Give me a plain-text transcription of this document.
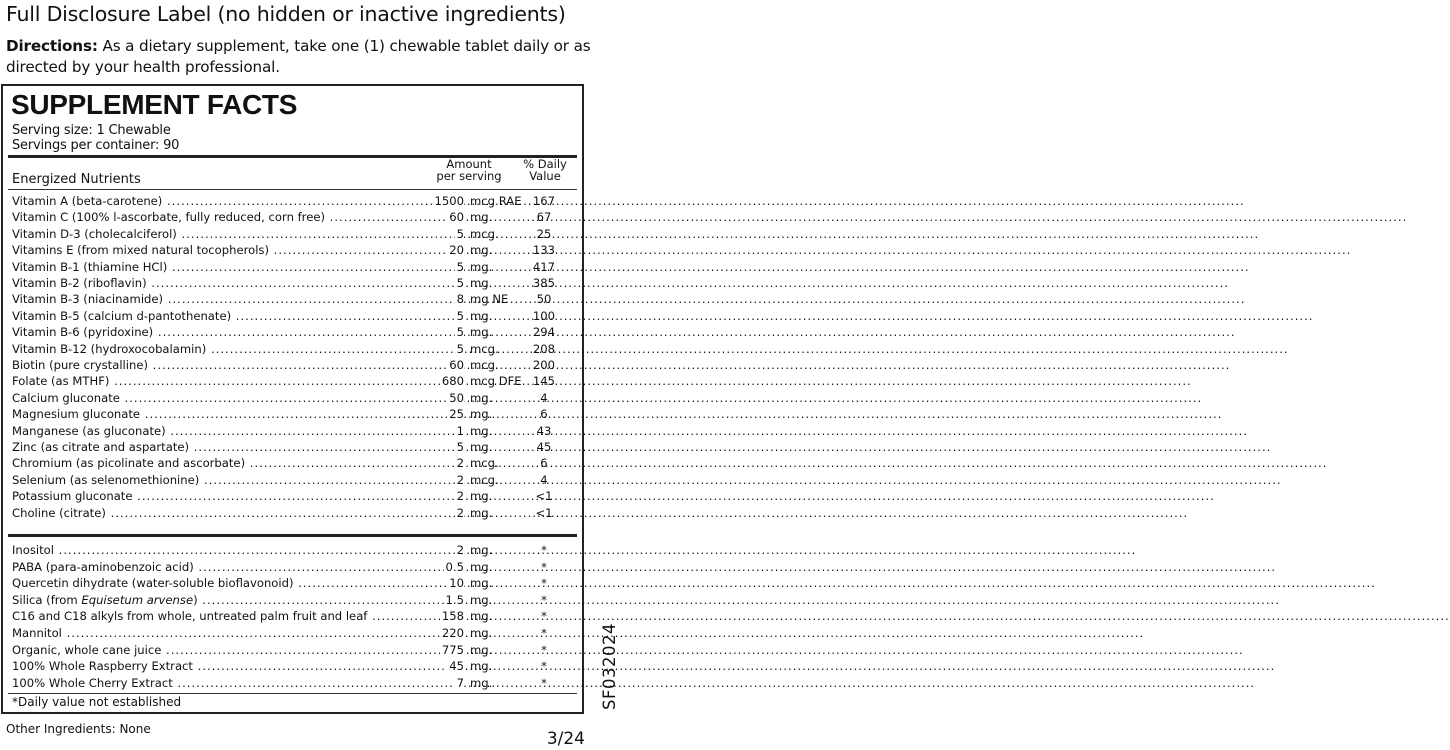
Full Disclosure Label (no hidden or inactive ingredients)
Directions: As a dietary supplement, take one (1) chewable tablet daily or as directed by your health professional.
SUPPLEMENT FACTS
Serving size: 1 Chewable
Servings per container: 90
Amount
per serving
% Daily
Value
Energized Nutrients
Vitamin A (beta-carotene) .....	1500 mcg RAE 167
Vitamin C (100% l-ascorbate, fully reduced, corn free) .....	60 mg.	67
Vitamin D-3 (cholecalciferol) .....	5 mcg.	25
Vitamins E (from mixed natural tocopherols) .....	20 mg.	133
Vitamin B-1 (thiamine HCl) .....	5 mg.	417
Vitamin B-2 (riboflavin) .....	5 mg.	385
Vitamin B-3 (niacinamide) .....	8 mg NE	50
Vitamin B-5 (calcium d-pantothenate) .....	5 mg.	100
Vitamin B-6 (pyridoxine) .....	5 mg.	294
Vitamin B-12 (hydroxocobalamin) .....	5 mcg.	208
Biotin (pure crystalline) .....	60 mcg.	200
Folate (as MTHF) .....	680 mcg DFE 145
Calcium gluconate .....	50 mg.	4
Magnesium gluconate .....	25 mg.	6
Manganese (as gluconate) .....	1 mg.	43
Zinc (as citrate and aspartate) .....	5 mg.	45
Chromium (as picolinate and ascorbate) .....	2 mcg.	6
Selenium (as selenomethionine) .....	2 mcg.	4
Potassium gluconate .....	2 mg.	<1
Choline (citrate) .....	2 mg.	<1
Inositol .....	2 mg.	*
PABA (para-aminobenzoic acid) .....	0.5 mg.	*
Quercetin dihydrate (water-soluble bioflavonoid) .....	10 mg.	*
Silica (from Equisetum arvense) .....	1.5 mg.	*
C16 and C18 alkyls from whole, untreated palm fruit and leaf .....	158 mg.	*
Mannitol .....	220 mg.	*
Organic, whole cane juice .....	775 mg.	*
100% Whole Raspberry Extract .....	45 mg.	*
100% Whole Cherry Extract .....	7 mg.	*
*Daily value not established
Other Ingredients: None
SF032024
3/24
